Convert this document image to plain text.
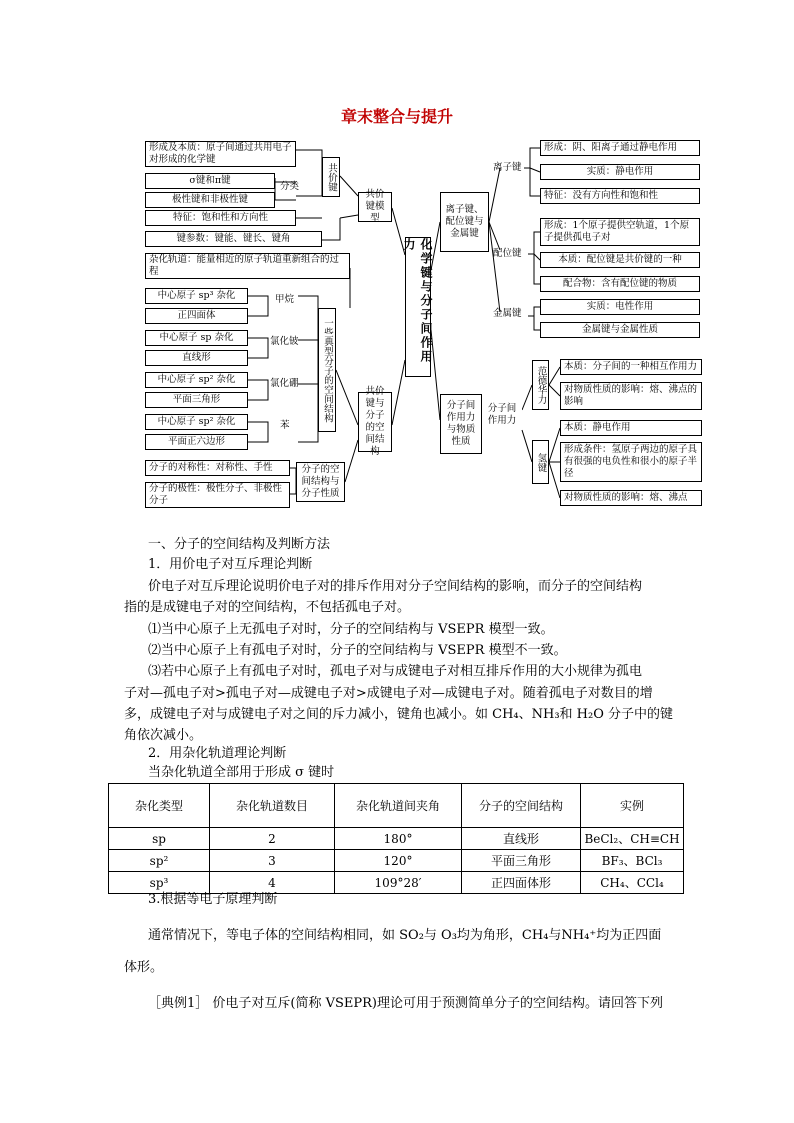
章末整合与提升
形成及本质：原子间通过共用电子对形成的化学键
σ键和π键
极性键和非极性键
分类
特征：饱和性和方向性
键参数：键能、键长、键角
共价键
共价键模型
杂化轨道：能量相近的原子轨道重新组合的过程
中心原子 sp³ 杂化
正四面体
甲烷
中心原子 sp 杂化
直线形
氯化铍
中心原子 sp² 杂化
平面三角形
氯化硼
中心原子 sp² 杂化
平面正六边形
苯
一些典型分子的空间结构	共价键与分子的空间结构
分子的对称性：对称性、手性
分子的极性：极性分子、非极性分子
分子的空间结构与分子性质
化学键与分子间作用力
离子键、配位键与金属键
离子键
形成：阴、阳离子通过静电作用
实质：静电作用
特征：没有方向性和饱和性
配位键
形成：1个原子提供空轨道，1个原子提供孤电子对
本质：配位键是共价键的一种
配合物：含有配位键的物质
金属键
实质：电性作用
金属键与金属性质
分子间作用力与物质性质
分子间作用力
范德华力	本质：分子间的一种相互作用力
对物质性质的影响：熔、沸点的影响
氢键
本质：静电作用
形成条件：氢原子两边的原子具有很强的电负性和很小的原子半径
对物质性质的影响：熔、沸点
一、分子的空间结构及判断方法
1．用价电子对互斥理论判断
价电子对互斥理论说明价电子对的排斥作用对分子空间结构的影响，而分子的空间结构
指的是成键电子对的空间结构，不包括孤电子对。
⑴当中心原子上无孤电子对时，分子的空间结构与 VSEPR 模型一致。
⑵当中心原子上有孤电子对时，分子的空间结构与 VSEPR 模型不一致。
⑶若中心原子上有孤电子对时，孤电子对与成键电子对相互排斥作用的大小规律为孤电
子对—孤电子对>孤电子对—成键电子对>成键电子对—成键电子对。随着孤电子对数目的增
多，成键电子对与成键电子对之间的斥力减小，键角也减小。如 CH₄、NH₃和 H₂O 分子中的键
角依次减小。
2．用杂化轨道理论判断
当杂化轨道全部用于形成 σ 键时
杂化类型	杂化轨道数目	杂化轨道间夹角	分子的空间结构	实例
sp	2	180°	直线形	BeCl₂、CH≡CH
sp²	3	120°	平面三角形	BF₃、BCl₃
sp³	4	109°28′	正四面体形	CH₄、CCl₄
3.根据等电子原理判断
通常情况下，等电子体的空间结构相同，如 SO₂与 O₃均为角形，CH₄与NH₄⁺均为正四面
体形。
［典例1］ 价电子对互斥(简称 VSEPR)理论可用于预测简单分子的空间结构。请回答下列
